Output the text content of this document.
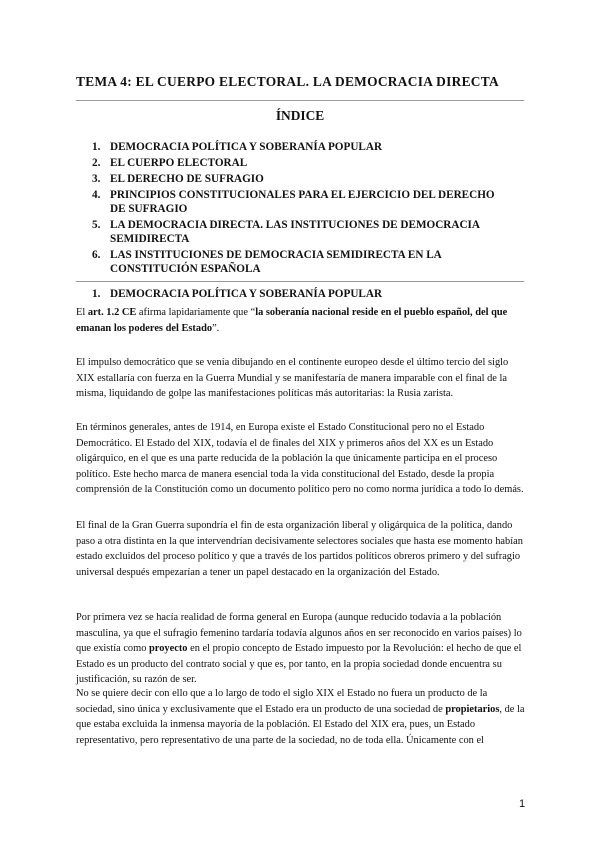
TEMA 4: EL CUERPO ELECTORAL. LA DEMOCRACIA DIRECTA
ÍNDICE
1. DEMOCRACIA POLÍTICA Y SOBERANÍA POPULAR
2. EL CUERPO ELECTORAL
3. EL DERECHO DE SUFRAGIO
4. PRINCIPIOS CONSTITUCIONALES PARA EL EJERCICIO DEL DERECHO DE SUFRAGIO
5. LA DEMOCRACIA DIRECTA. LAS INSTITUCIONES DE DEMOCRACIA SEMIDIRECTA
6. LAS INSTITUCIONES DE DEMOCRACIA SEMIDIRECTA EN LA CONSTITUCIÓN ESPAÑOLA
1. DEMOCRACIA POLÍTICA Y SOBERANÍA POPULAR

El art. 1.2 CE afirma lapidariamente que “la soberanía nacional reside en el pueblo español, del que emanan los poderes del Estado”.

El impulso democrático que se venía dibujando en el continente europeo desde el último tercio del siglo XIX estallaría con fuerza en la Guerra Mundial y se manifestaría de manera imparable con el final de la misma, liquidando de golpe las manifestaciones políticas más autoritarias: la Rusia zarista.

En términos generales, antes de 1914, en Europa existe el Estado Constitucional pero no el Estado Democrático. El Estado del XIX, todavía el de finales del XIX y primeros años del XX es un Estado oligárquico, en el que es una parte reducida de la población la que únicamente participa en el proceso político. Este hecho marca de manera esencial toda la vida constitucional del Estado, desde la propia comprensión de la Constitución como un documento político pero no como norma jurídica a todo lo demás.

El final de la Gran Guerra supondría el fin de esta organización liberal y oligárquica de la política, dando paso a otra distinta en la que intervendrían decisivamente selectores sociales que hasta ese momento habían estado excluidos del proceso político y que a través de los partidos políticos obreros primero y del sufragio universal después empezarían a tener un papel destacado en la organización del Estado.

Por primera vez se hacía realidad de forma general en Europa (aunque reducido todavía a la población masculina, ya que el sufragio femenino tardaría todavía algunos años en ser reconocido en varios países) lo que existía como proyecto en el propio concepto de Estado impuesto por la Revolución: el hecho de que el Estado es un producto del contrato social y que es, por tanto, en la propia sociedad donde encuentra su justificación, su razón de ser.

No se quiere decir con ello que a lo largo de todo el siglo XIX el Estado no fuera un producto de la sociedad, sino única y exclusivamente que el Estado era un producto de una sociedad de propietarios, de la que estaba excluida la inmensa mayoría de la población. El Estado del XIX era, pues, un Estado representativo, pero representativo de una parte de la sociedad, no de toda ella. Únicamente con el

1
